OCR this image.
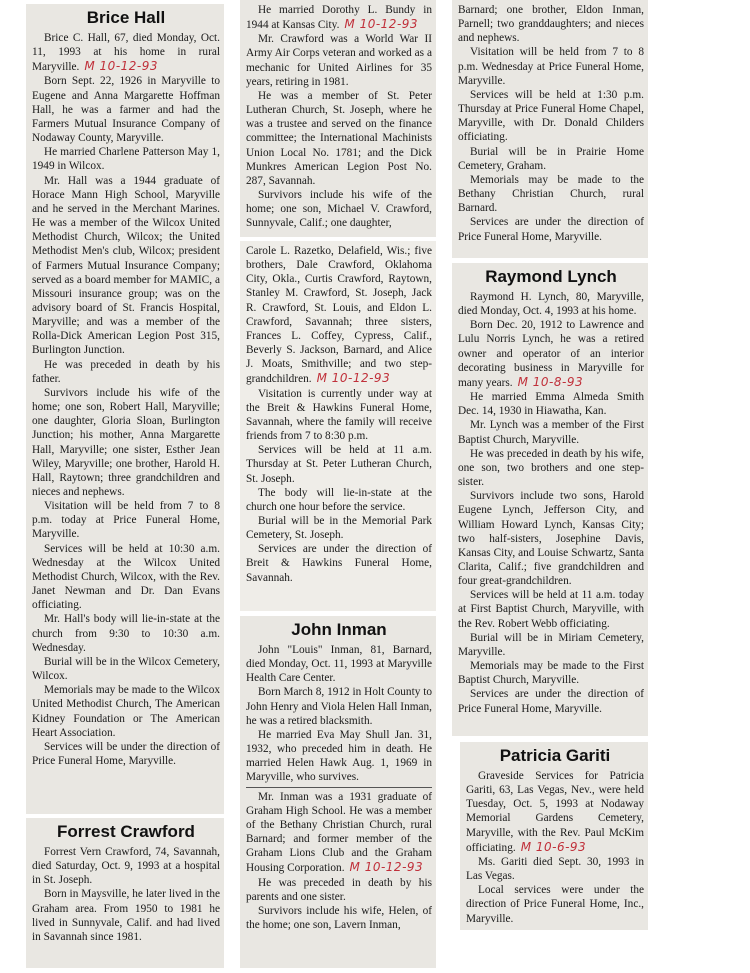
Brice Hall

Brice C. Hall, 67, died Monday, Oct. 11, 1993 at his home in rural Maryville. M 10-12-93

Born Sept. 22, 1926 in Maryville to Eugene and Anna Margarette Hoffman Hall, he was a farmer and had the Farmers Mutual Insurance Company of Nodaway County, Maryville.

He married Charlene Patterson May 1, 1949 in Wilcox.

Mr. Hall was a 1944 graduate of Horace Mann High School, Maryville and he served in the Merchant Marines. He was a member of the Wilcox United Methodist Church, Wilcox; the United Methodist Men's club, Wilcox; president of Farmers Mutual Insurance Company; served as a board member for MAMIC, a Missouri insurance group; was on the advisory board of St. Francis Hospital, Maryville; and was a member of the Rolla-Dick American Legion Post 315, Burlington Junction.

He was preceded in death by his father.

Survivors include his wife of the home; one son, Robert Hall, Maryville; one daughter, Gloria Sloan, Burlington Junction; his mother, Anna Margarette Hall, Maryville; one sister, Esther Jean Wiley, Maryville; one brother, Harold H. Hall, Raytown; three grandchildren and nieces and nephews.

Visitation will be held from 7 to 8 p.m. today at Price Funeral Home, Maryville.

Services will be held at 10:30 a.m. Wednesday at the Wilcox United Methodist Church, Wilcox, with the Rev. Janet Newman and Dr. Dan Evans officiating.

Mr. Hall's body will lie-in-state at the church from 9:30 to 10:30 a.m. Wednesday.

Burial will be in the Wilcox Cemetery, Wilcox.

Memorials may be made to the Wilcox United Methodist Church, The American Kidney Foundation or The American Heart Association.

Services will be under the direction of Price Funeral Home, Maryville.

Forrest Crawford

Forrest Vern Crawford, 74, Savannah, died Saturday, Oct. 9, 1993 at a hospital in St. Joseph.

Born in Maysville, he later lived in the Graham area. From 1950 to 1981 he lived in Sunnyvale, Calif. and had lived in Savannah since 1981.

He married Dorothy L. Bundy in 1944 at Kansas City. M 10-12-93

Mr. Crawford was a World War II Army Air Corps veteran and worked as a mechanic for United Airlines for 35 years, retiring in 1981.

He was a member of St. Peter Lutheran Church, St. Joseph, where he was a trustee and served on the finance committee; the International Machinists Union Local No. 1781; and the Dick Munkres American Legion Post No. 287, Savannah.

Survivors include his wife of the home; one son, Michael V. Crawford, Sunnyvale, Calif.; one daughter,

Carole L. Razetko, Delafield, Wis.; five brothers, Dale Crawford, Oklahoma City, Okla., Curtis Crawford, Raytown, Stanley M. Crawford, St. Joseph, Jack R. Crawford, St. Louis, and Eldon L. Crawford, Savannah; three sisters, Frances L. Coffey, Cypress, Calif., Beverly S. Jackson, Barnard, and Alice J. Moats, Smithville; and two step-grandchildren. M 10-12-93

Visitation is currently under way at the Breit & Hawkins Funeral Home, Savannah, where the family will receive friends from 7 to 8:30 p.m.

Services will be held at 11 a.m. Thursday at St. Peter Lutheran Church, St. Joseph.

The body will lie-in-state at the church one hour before the service.

Burial will be in the Memorial Park Cemetery, St. Joseph.

Services are under the direction of Breit & Hawkins Funeral Home, Savannah.

John Inman

John "Louis" Inman, 81, Barnard, died Monday, Oct. 11, 1993 at Maryville Health Care Center.

Born March 8, 1912 in Holt County to John Henry and Viola Helen Hall Inman, he was a retired blacksmith.

He married Eva May Shull Jan. 31, 1932, who preceded him in death. He married Helen Hawk Aug. 1, 1969 in Maryville, who survives.

Mr. Inman was a 1931 graduate of Graham High School. He was a member of the Bethany Christian Church, rural Barnard; and former member of the Graham Lions Club and the Graham Housing Corporation. M 10-12-93

He was preceded in death by his parents and one sister.

Survivors include his wife, Helen, of the home; one son, Lavern Inman,

Barnard; one brother, Eldon Inman, Parnell; two granddaughters; and nieces and nephews.

Visitation will be held from 7 to 8 p.m. Wednesday at Price Funeral Home, Maryville.

Services will be held at 1:30 p.m. Thursday at Price Funeral Home Chapel, Maryville, with Dr. Donald Childers officiating.

Burial will be in Prairie Home Cemetery, Graham.

Memorials may be made to the Bethany Christian Church, rural Barnard.

Services are under the direction of Price Funeral Home, Maryville.

Raymond Lynch

Raymond H. Lynch, 80, Maryville, died Monday, Oct. 4, 1993 at his home.

Born Dec. 20, 1912 to Lawrence and Lulu Norris Lynch, he was a retired owner and operator of an interior decorating business in Maryville for many years. M 10-8-93

He married Emma Almeda Smith Dec. 14, 1930 in Hiawatha, Kan.

Mr. Lynch was a member of the First Baptist Church, Maryville.

He was preceded in death by his wife, one son, two brothers and one step-sister.

Survivors include two sons, Harold Eugene Lynch, Jefferson City, and William Howard Lynch, Kansas City; two half-sisters, Josephine Davis, Kansas City, and Louise Schwartz, Santa Clarita, Calif.; five grandchildren and four great-grandchildren.

Services will be held at 11 a.m. today at First Baptist Church, Maryville, with the Rev. Robert Webb officiating.

Burial will be in Miriam Cemetery, Maryville.

Memorials may be made to the First Baptist Church, Maryville.

Services are under the direction of Price Funeral Home, Maryville.

Patricia Gariti

Graveside Services for Patricia Gariti, 63, Las Vegas, Nev., were held Tuesday, Oct. 5, 1993 at Nodaway Memorial Gardens Cemetery, Maryville, with the Rev. Paul McKim officiating. M 10-6-93

Ms. Gariti died Sept. 30, 1993 in Las Vegas.

Local services were under the direction of Price Funeral Home, Inc., Maryville.
